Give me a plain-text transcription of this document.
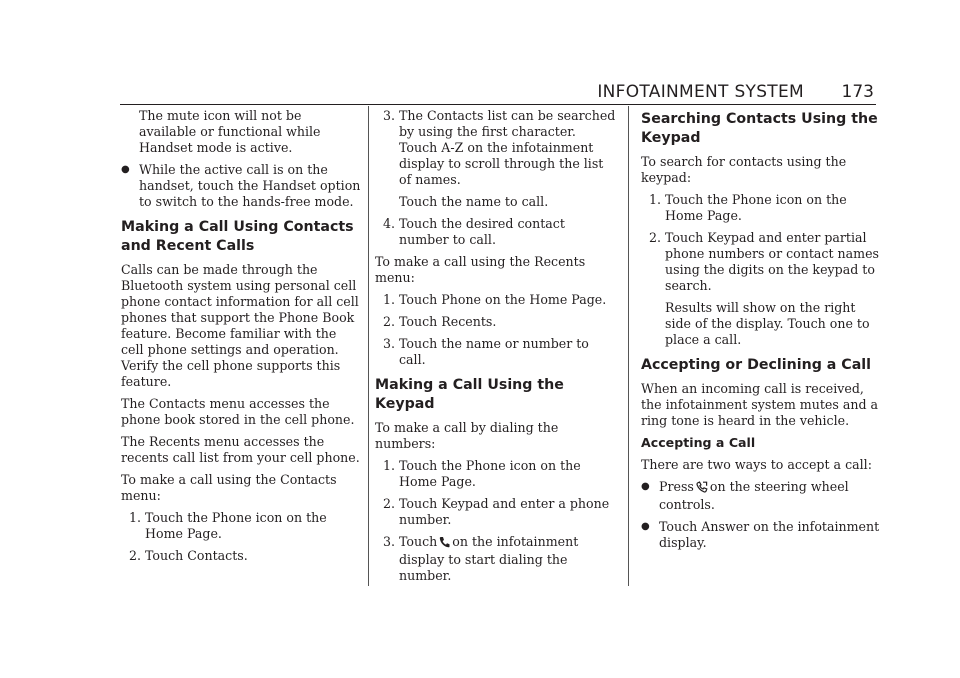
INFOTAINMENT SYSTEM 173

The mute icon will not be available or functional while Handset mode is active.

● While the active call is on the handset, touch the Handset option to switch to the hands-free mode.
Making a Call Using Contacts and Recent Calls

Calls can be made through the Bluetooth system using personal cell phone contact information for all cell phones that support the Phone Book feature. Become familiar with the cell phone settings and operation. Verify the cell phone supports this feature.

The Contacts menu accesses the phone book stored in the cell phone.

The Recents menu accesses the recents call list from your cell phone.

To make a call using the Contacts menu:

1. Touch the Phone icon on the Home Page.
2. Touch Contacts.
3. The Contacts list can be searched by using the first character. Touch A-Z on the infotainment display to scroll through the list of names.

Touch the name to call.

4. Touch the desired contact number to call.

To make a call using the Recents menu:

1. Touch Phone on the Home Page.
2. Touch Recents.
3. Touch the name or number to call.
Making a Call Using the Keypad

To make a call by dialing the numbers:

1. Touch the Phone icon on the Home Page.
2. Touch Keypad and enter a phone number.
3. Touch on the infotainment display to start dialing the number.
Searching Contacts Using the Keypad

To search for contacts using the keypad:

1. Touch the Phone icon on the Home Page.
2. Touch Keypad and enter partial phone numbers or contact names using the digits on the keypad to search.

Results will show on the right side of the display. Touch one to place a call.

Accepting or Declining a Call

When an incoming call is received, the infotainment system mutes and a ring tone is heard in the vehicle.

Accepting a Call

There are two ways to accept a call:

● Press on the steering wheel controls.
● Touch Answer on the infotainment display.
